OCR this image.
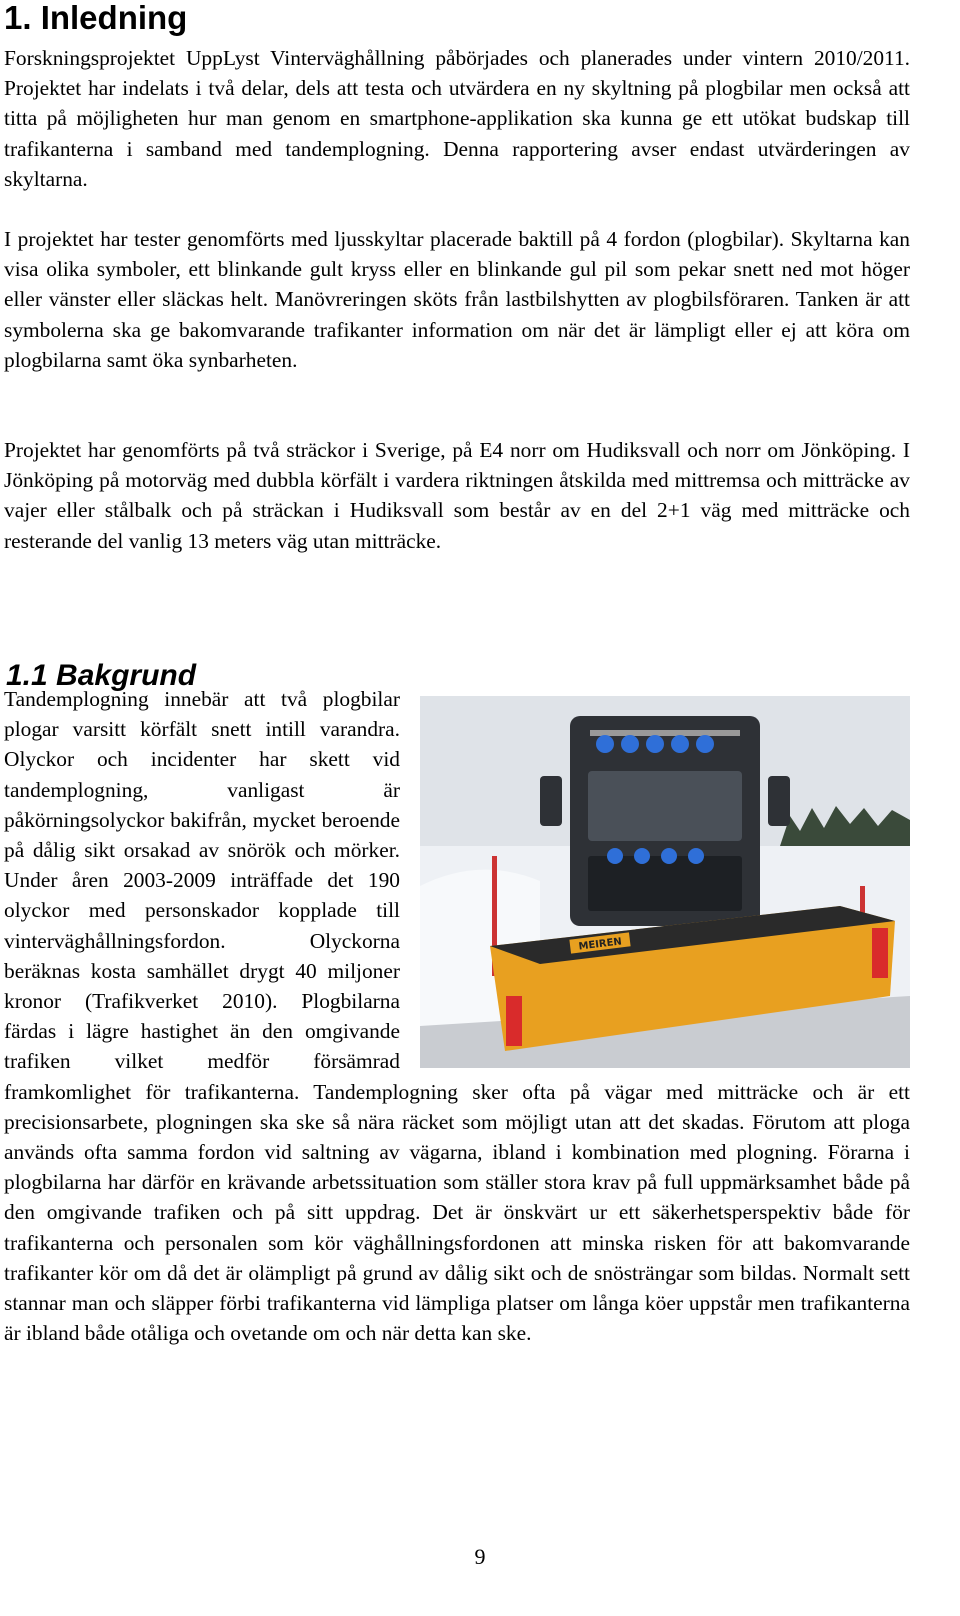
1. Inledning

Forskningsprojektet UppLyst Vinterväghållning påbörjades och planerades under vintern 2010/2011. Projektet har indelats i två delar, dels att testa och utvärdera en ny skyltning på plogbilar men också att titta på möjligheten hur man genom en smartphone-applikation ska kunna ge ett utökat budskap till trafikanterna i samband med tandemplogning. Denna rapportering avser endast utvärderingen av skyltarna.

I projektet har tester genomförts med ljusskyltar placerade baktill på 4 fordon (plogbilar). Skyltarna kan visa olika symboler, ett blinkande gult kryss eller en blinkande gul pil som pekar snett ned mot höger eller vänster eller släckas helt. Manövreringen sköts från lastbilshytten av plogbilsföraren. Tanken är att symbolerna ska ge bakomvarande trafikanter information om när det är lämpligt eller ej att köra om plogbilarna samt öka synbarheten.

Projektet har genomförts på två sträckor i Sverige, på E4 norr om Hudiksvall och norr om Jönköping. I Jönköping på motorväg med dubbla körfält i vardera riktningen åtskilda med mittremsa och mitträcke av vajer eller stålbalk och på sträckan i Hudiksvall som består av en del 2+1 väg med mitträcke och resterande del vanlig 13 meters väg utan mitträcke.

1.1 Bakgrund
MEIREN
Tandemplogning innebär att två plogbilar plogar varsitt körfält snett intill varandra. Olyckor och incidenter har skett vid tandemplogning, vanligast är påkörningsolyckor bakifrån, mycket beroende på dålig sikt orsakad av snörök och mörker. Under åren 2003-2009 inträffade det 190 olyckor med personskador kopplade till vinterväghållningsfordon. Olyckorna beräknas kosta samhället drygt 40 miljoner kronor (Trafikverket 2010). Plogbilarna färdas i lägre hastighet än den omgivande trafiken vilket medför försämrad framkomlighet för trafikanterna. Tandemplogning sker ofta på vägar med mitträcke och är ett precisionsarbete, plogningen ska ske så nära räcket som möjligt utan att det skadas. Förutom att ploga används ofta samma fordon vid saltning av vägarna, ibland i kombination med plogning. Förarna i plogbilarna har därför en krävande arbetssituation som ställer stora krav på full uppmärksamhet både på den omgivande trafiken och på sitt uppdrag. Det är önskvärt ur ett säkerhetsperspektiv både för trafikanterna och personalen som kör väghållningsfordonen att minska risken för att bakomvarande trafikanter kör om då det är olämpligt på grund av dålig sikt och de snösträngar som bildas. Normalt sett stannar man och släpper förbi trafikanterna vid lämpliga platser om långa köer uppstår men trafikanterna är ibland både otåliga och ovetande om och när detta kan ske.
9
